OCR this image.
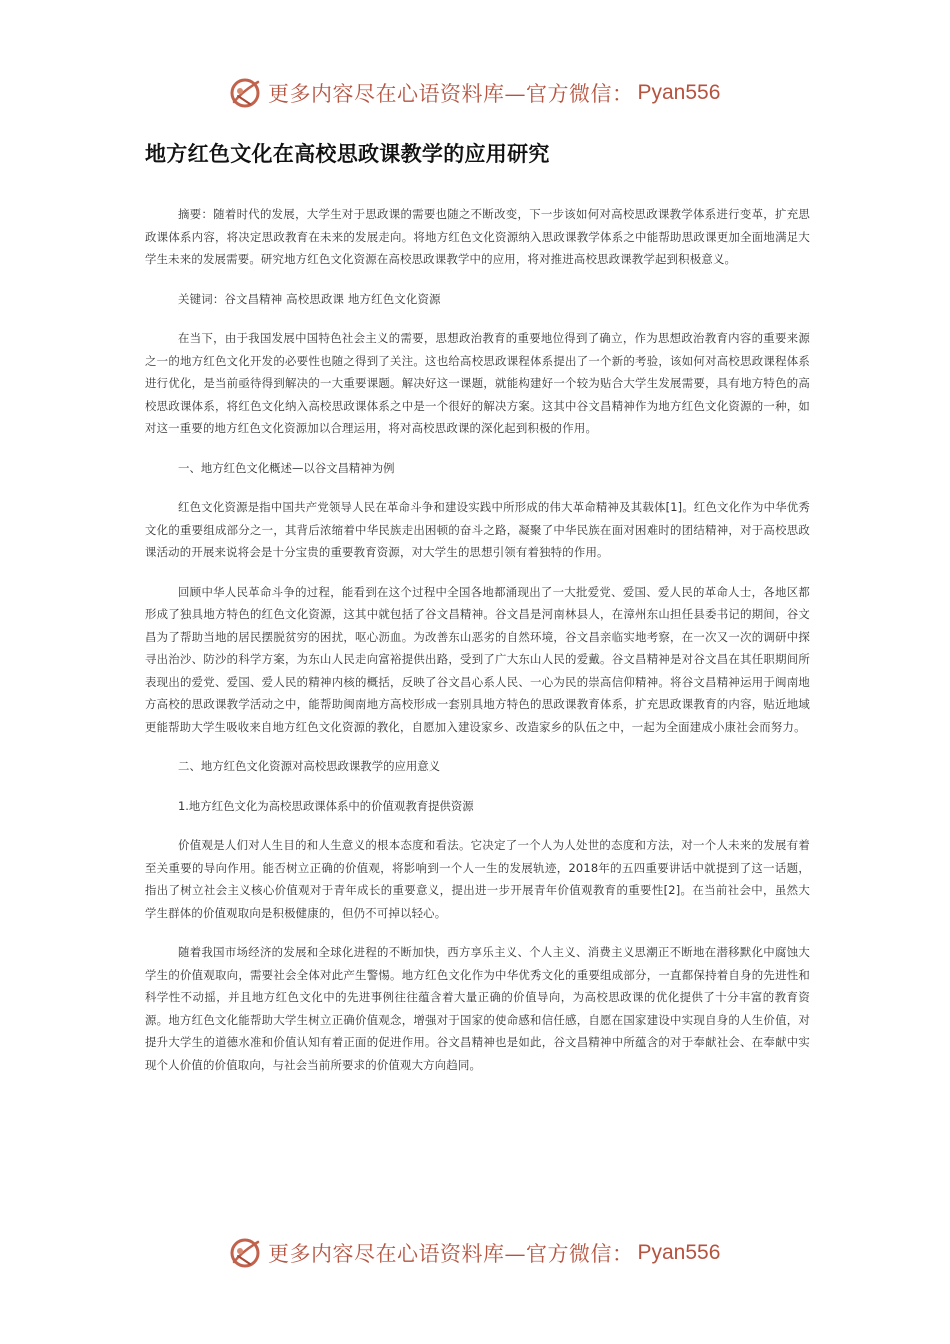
更多内容尽在心语资料库—官方微信： Pyan556
地方红色文化在高校思政课教学的应用研究

摘要：随着时代的发展，大学生对于思政课的需要也随之不断改变，下一步该如何对高校思政课教学体系进行变革，扩充思政课体系内容，将决定思政教育在未来的发展走向。将地方红色文化资源纳入思政课教学体系之中能帮助思政课更加全面地满足大学生未来的发展需要。研究地方红色文化资源在高校思政课教学中的应用，将对推进高校思政课教学起到积极意义。

关键词：谷文昌精神 高校思政课 地方红色文化资源

在当下，由于我国发展中国特色社会主义的需要，思想政治教育的重要地位得到了确立，作为思想政治教育内容的重要来源之一的地方红色文化开发的必要性也随之得到了关注。这也给高校思政课程体系提出了一个新的考验，该如何对高校思政课程体系进行优化，是当前亟待得到解决的一大重要课题。解决好这一课题，就能构建好一个较为贴合大学生发展需要，具有地方特色的高校思政课体系，将红色文化纳入高校思政课体系之中是一个很好的解决方案。这其中谷文昌精神作为地方红色文化资源的一种，如对这一重要的地方红色文化资源加以合理运用，将对高校思政课的深化起到积极的作用。

一、地方红色文化概述—以谷文昌精神为例

红色文化资源是指中国共产党领导人民在革命斗争和建设实践中所形成的伟大革命精神及其载体[1]。红色文化作为中华优秀文化的重要组成部分之一，其背后浓缩着中华民族走出困顿的奋斗之路，凝聚了中华民族在面对困难时的团结精神，对于高校思政课活动的开展来说将会是十分宝贵的重要教育资源，对大学生的思想引领有着独特的作用。

回顾中华人民革命斗争的过程，能看到在这个过程中全国各地都涌现出了一大批爱党、爱国、爱人民的革命人士，各地区都形成了独具地方特色的红色文化资源，这其中就包括了谷文昌精神。谷文昌是河南林县人，在漳州东山担任县委书记的期间，谷文昌为了帮助当地的居民摆脱贫穷的困扰，呕心沥血。为改善东山恶劣的自然环境，谷文昌亲临实地考察，在一次又一次的调研中探寻出治沙、防沙的科学方案，为东山人民走向富裕提供出路，受到了广大东山人民的爱戴。谷文昌精神是对谷文昌在其任职期间所表现出的爱党、爱国、爱人民的精神内核的概括，反映了谷文昌心系人民、一心为民的崇高信仰精神。将谷文昌精神运用于闽南地方高校的思政课教学活动之中，能帮助闽南地方高校形成一套别具地方特色的思政课教育体系，扩充思政课教育的内容，贴近地域更能帮助大学生吸收来自地方红色文化资源的教化，自愿加入建设家乡、改造家乡的队伍之中，一起为全面建成小康社会而努力。

二、地方红色文化资源对高校思政课教学的应用意义

1.地方红色文化为高校思政课体系中的价值观教育提供资源

价值观是人们对人生目的和人生意义的根本态度和看法。它决定了一个人为人处世的态度和方法，对一个人未来的发展有着至关重要的导向作用。能否树立正确的价值观，将影响到一个人一生的发展轨迹，2018年的五四重要讲话中就提到了这一话题，指出了树立社会主义核心价值观对于青年成长的重要意义，提出进一步开展青年价值观教育的重要性[2]。在当前社会中，虽然大学生群体的价值观取向是积极健康的，但仍不可掉以轻心。

随着我国市场经济的发展和全球化进程的不断加快，西方享乐主义、个人主义、消费主义思潮正不断地在潜移默化中腐蚀大学生的价值观取向，需要社会全体对此产生警惕。地方红色文化作为中华优秀文化的重要组成部分，一直都保持着自身的先进性和科学性不动摇，并且地方红色文化中的先进事例往往蕴含着大量正确的价值导向，为高校思政课的优化提供了十分丰富的教育资源。地方红色文化能帮助大学生树立正确价值观念，增强对于国家的使命感和信任感，自愿在国家建设中实现自身的人生价值，对提升大学生的道德水准和价值认知有着正面的促进作用。谷文昌精神也是如此，谷文昌精神中所蕴含的对于奉献社会、在奉献中实现个人价值的价值取向，与社会当前所要求的价值观大方向趋同。

更多内容尽在心语资料库—官方微信： Pyan556
